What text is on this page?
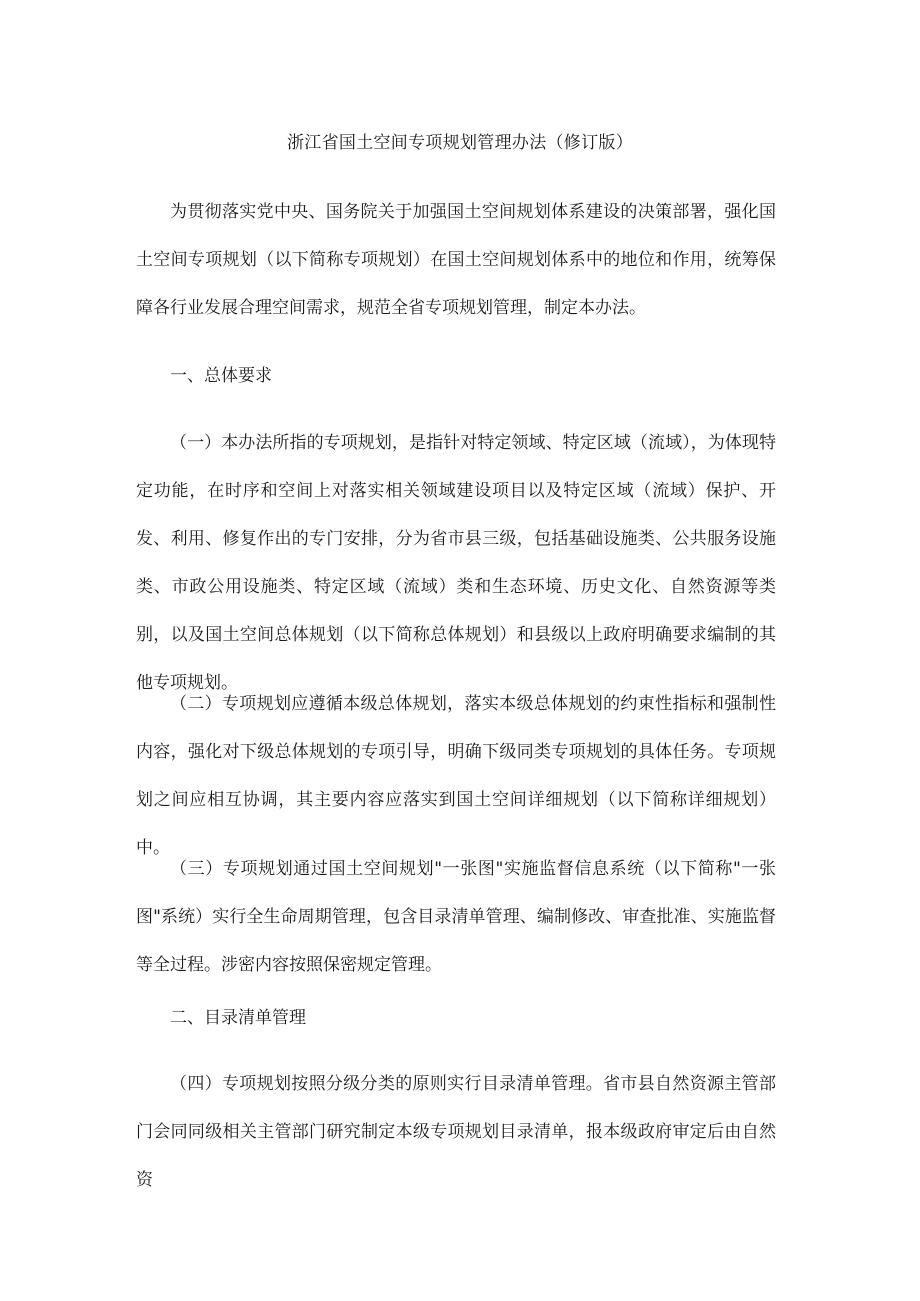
浙江省国土空间专项规划管理办法（修订版）

为贯彻落实党中央、国务院关于加强国土空间规划体系建设的决策部署，强化国土空间专项规划（以下简称专项规划）在国土空间规划体系中的地位和作用，统筹保障各行业发展合理空间需求，规范全省专项规划管理，制定本办法。

一、总体要求

（一）本办法所指的专项规划，是指针对特定领域、特定区域（流域），为体现特定功能，在时序和空间上对落实相关领域建设项目以及特定区域（流域）保护、开发、利用、修复作出的专门安排，分为省市县三级，包括基础设施类、公共服务设施类、市政公用设施类、特定区域（流域）类和生态环境、历史文化、自然资源等类别，以及国土空间总体规划（以下简称总体规划）和县级以上政府明确要求编制的其他专项规划。

（二）专项规划应遵循本级总体规划，落实本级总体规划的约束性指标和强制性内容，强化对下级总体规划的专项引导，明确下级同类专项规划的具体任务。专项规划之间应相互协调，其主要内容应落实到国土空间详细规划（以下简称详细规划）中。

（三）专项规划通过国土空间规划"一张图"实施监督信息系统（以下简称"一张图"系统）实行全生命周期管理，包含目录清单管理、编制修改、审查批准、实施监督等全过程。涉密内容按照保密规定管理。

二、目录清单管理

（四）专项规划按照分级分类的原则实行目录清单管理。省市县自然资源主管部门会同同级相关主管部门研究制定本级专项规划目录清单，报本级政府审定后由自然资
